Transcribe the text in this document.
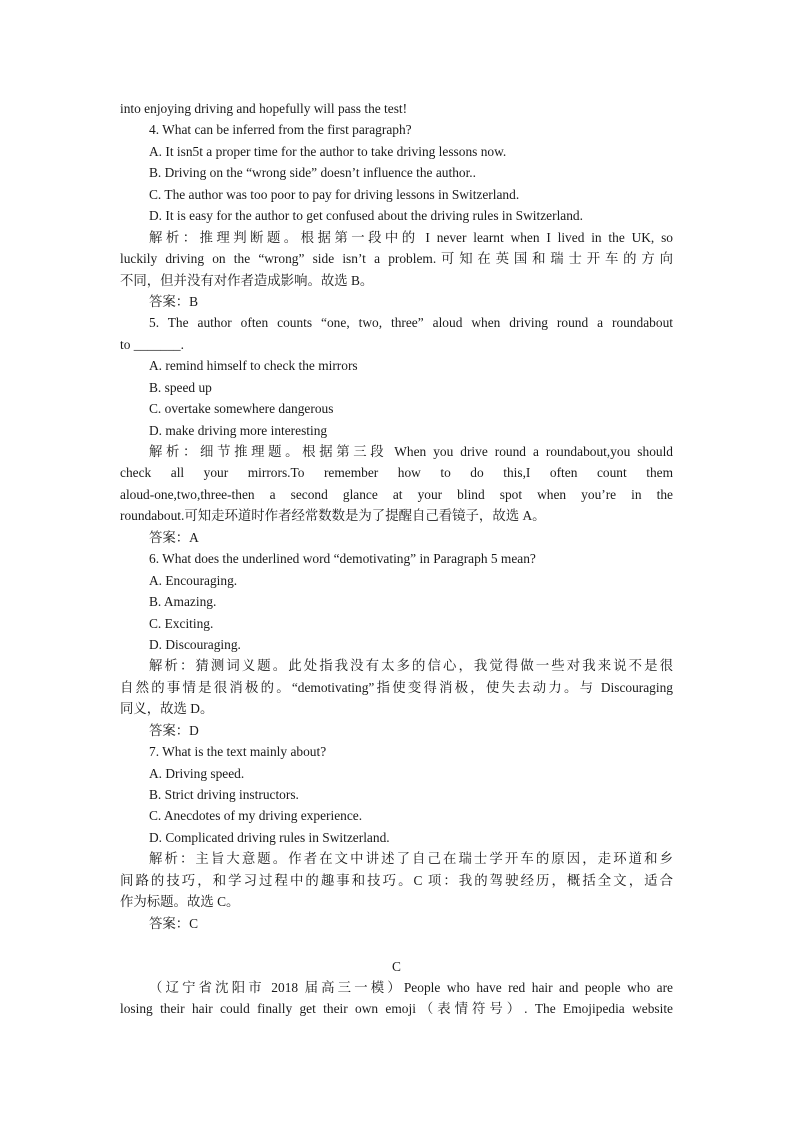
into enjoying driving and hopefully will pass the test!
4. What can be inferred from the first paragraph?
A. It isn5t a proper time for the author to take driving lessons now.
B. Driving on the “wrong side” doesn’t influence the author..
C. The author was too poor to pay for driving lessons in Switzerland.
D. It is easy for the author to get confused about the driving rules in Switzerland.
解析：推理判断题。根据第一段中的 I never learnt when I lived in the UK, so
luckily driving on the “wrong” side isn’t a problem.可知在英国和瑞士开车的方向
不同，但并没有对作者造成影响。故选 B。
答案：B
5. The author often counts “one, two, three” aloud when driving round a roundabout
to _______.
A. remind himself to check the mirrors
B. speed up
C. overtake somewhere dangerous
D. make driving more interesting
解析：细节推理题。根据第三段 When you drive round a roundabout,you should
check all your mirrors.To remember how to do this,I often count them
aloud-one,two,three-then a second glance at your blind spot when you’re in the
roundabout.可知走环道时作者经常数数是为了提醒自己看镜子，故选 A。
答案：A
6. What does the underlined word “demotivating” in Paragraph 5 mean?
A. Encouraging.
B. Amazing.
C. Exciting.
D. Discouraging.
解析：猜测词义题。此处指我没有太多的信心，我觉得做一些对我来说不是很
自然的事情是很消极的。“demotivating”指使变得消极，使失去动力。与 Discouraging
同义，故选 D。
答案：D
7. What is the text mainly about?
A. Driving speed.
B. Strict driving instructors.
C. Anecdotes of my driving experience.
D. Complicated driving rules in Switzerland.
解析：主旨大意题。作者在文中讲述了自己在瑞士学开车的原因，走环道和乡
间路的技巧，和学习过程中的趣事和技巧。C 项：我的驾驶经历，概括全文，适合
作为标题。故选 C。
答案：C
C
（辽宁省沈阳市 2018 届高三一模）People who have red hair and people who are
losing their hair could finally get their own emoji（表情符号）. The Emojipedia website
